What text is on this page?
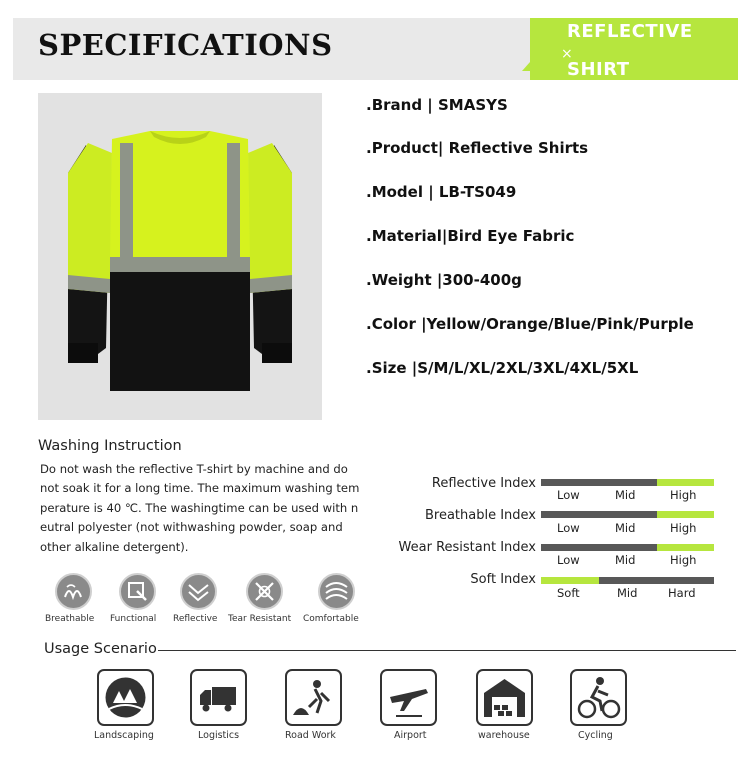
SPECIFICATIONS	REFLECTIVE
×
SHIRT
.Brand | SMASYS
.Product| Reflective Shirts
.Model | LB-TS049
.Material|Bird Eye Fabric
.Weight |300-400g
.Color |Yellow/Orange/Blue/Pink/Purple
.Size |S/M/L/XL/2XL/3XL/4XL/5XL
Washing Instruction
Do not wash the reflective T-shirt by machine and do
not soak it for a long time. The maximum washing tem
perature is 40 ℃. The washingtime can be used with n
eutral polyester (not withwashing powder, soap and
other alkaline detergent).
Breathable Functional Reflective Tear Resistant Comfortable
Reflective Index
Low	Mid	High
Breathable Index
Low	Mid	High
Wear Resistant Index
Low	Mid	High
Soft Index
Soft	Mid	Hard
Usage Scenario
Landscaping	Logistics	Road Work	Airport	warehouse	Cycling
